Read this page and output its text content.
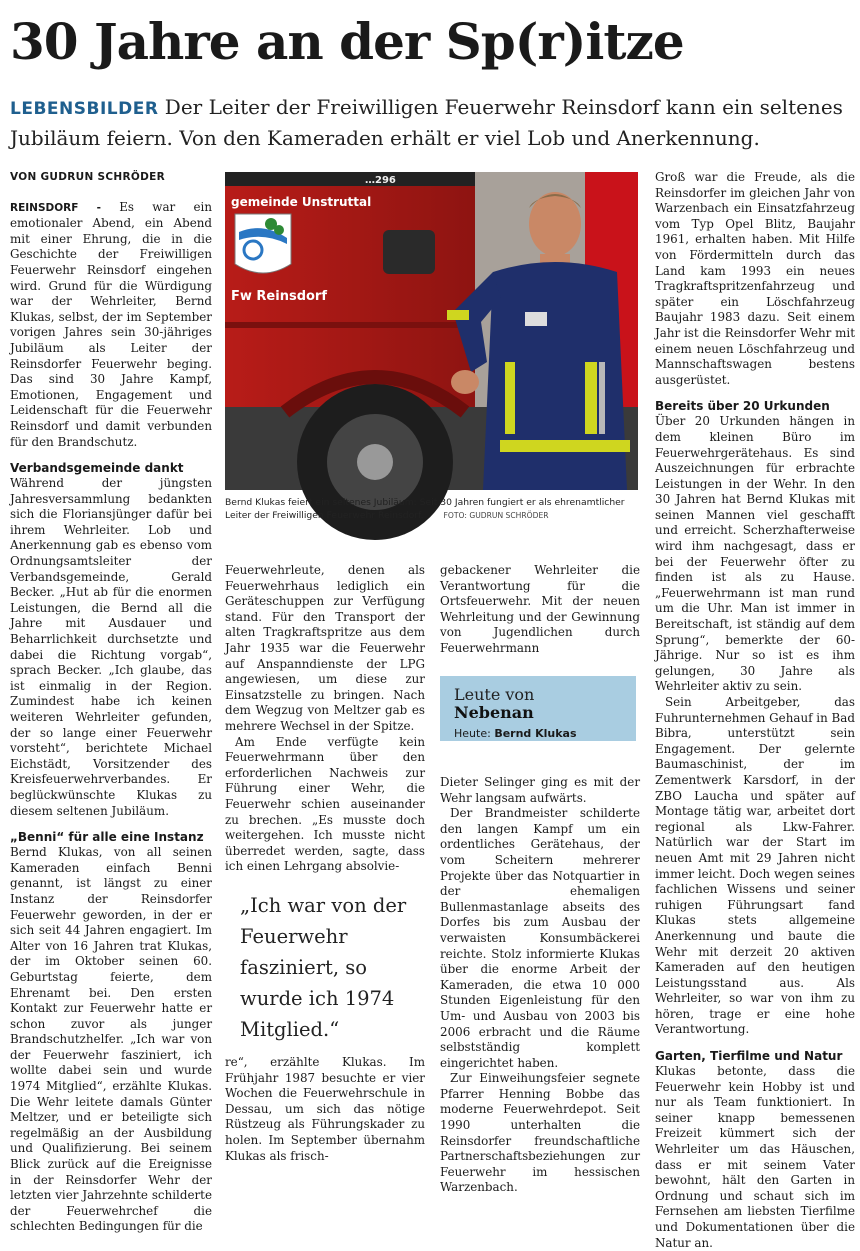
30 Jahre an der Sp(r)itze
LEBENSBILDER Der Leiter der Freiwilligen Feuerwehr Reinsdorf kann ein seltenes Jubiläum feiern. Von den Kameraden erhält er viel Lob und Anerkennung.
VON GUDRUN SCHRÖDER

REINSDORF - Es war ein emotionaler Abend, ein Abend mit einer Ehrung, die in die Geschichte der Freiwilligen Feuerwehr Reinsdorf eingehen wird. Grund für die Würdigung war der Wehrleiter, Bernd Klukas, selbst, der im September vorigen Jahres sein 30-jähriges Jubiläum als Leiter der Reinsdorfer Feuerwehr beging. Das sind 30 Jahre Kampf, Emotionen, Engagement und Leidenschaft für die Feuerwehr Reinsdorf und damit verbunden für den Brandschutz.

Verbandsgemeinde dankt

Während der jüngsten Jahresversammlung bedankten sich die Floriansjünger dafür bei ihrem Wehrleiter. Lob und Anerkennung gab es ebenso vom Ordnungsamtsleiter der Verbandsgemeinde, Gerald Becker. „Hut ab für die enormen Leistungen, die Bernd all die Jahre mit Ausdauer und Beharrlichkeit durchsetzte und dabei die Richtung vorgab“, sprach Becker. „Ich glaube, das ist einmalig in der Region. Zumindest habe ich keinen weiteren Wehrleiter gefunden, der so lange einer Feuerwehr vorsteht“, berichtete Michael Eichstädt, Vorsitzender des Kreisfeuerwehrverbandes. Er beglückwünschte Klukas zu diesem seltenen Jubiläum.

„Benni“ für alle eine Instanz

Bernd Klukas, von all seinen Kameraden einfach Benni genannt, ist längst zu einer Instanz der Reinsdorfer Feuerwehr geworden, in der er sich seit 44 Jahren engagiert. Im Alter von 16 Jahren trat Klukas, der im Oktober seinen 60. Geburtstag feierte, dem Ehrenamt bei. Den ersten Kontakt zur Feuerwehr hatte er schon zuvor als junger Brandschutzhelfer. „Ich war von der Feuerwehr fasziniert, ich wollte dabei sein und wurde 1974 Mitglied“, erzählte Klukas. Die Wehr leitete damals Günter Meltzer, und er beteiligte sich regelmäßig an der Ausbildung und Qualifizierung. Bei seinem Blick zurück auf die Ereignisse in der Reinsdorfer Wehr der letzten vier Jahrzehnte schilderte der Feuerwehrchef die schlechten Bedingungen für die

…296
gemeinde Unstruttal
Fw Reinsdorf
Bernd Klukas feiert ein seltenes Jubiläum: Seit 30 Jahren fungiert er als ehrenamtlicher Leiter der Freiwilligen Feuerwehr Reinsdorf.	FOTO: GUDRUN SCHRÖDER

Feuerwehrleute, denen als Feuerwehrhaus lediglich ein Geräteschuppen zur Verfügung stand. Für den Transport der alten Tragkraftspritze aus dem Jahr 1935 war die Feuerwehr auf Anspanndienste der LPG angewiesen, um diese zur Einsatzstelle zu bringen. Nach dem Wegzug von Meltzer gab es mehrere Wechsel in der Spitze.

Am Ende verfügte kein Feuerwehrmann über den erforderlichen Nachweis zur Führung einer Wehr, die Feuerwehr schien auseinander zu brechen. „Es musste doch weitergehen. Ich musste nicht überredet werden, sagte, dass ich einen Lehrgang absolvie-

„Ich war von der Feuerwehr fasziniert, so wurde ich 1974 Mitglied.“

re“, erzählte Klukas. Im Frühjahr 1987 besuchte er vier Wochen die Feuerwehrschule in Dessau, um sich das nötige Rüstzeug als Führungskader zu holen. Im September übernahm Klukas als frisch-

gebackener Wehrleiter die Verantwortung für die Ortsfeuerwehr. Mit der neuen Wehrleitung und der Gewinnung von Jugendlichen durch Feuerwehrmann

Leute von
Nebenan
Heute: Bernd Klukas

Dieter Selinger ging es mit der Wehr langsam aufwärts.

Der Brandmeister schilderte den langen Kampf um ein ordentliches Gerätehaus, der vom Scheitern mehrerer Projekte über das Notquartier in der ehemaligen Bullenmastanlage abseits des Dorfes bis zum Ausbau der verwaisten Konsumbäckerei reichte. Stolz informierte Klukas über die enorme Arbeit der Kameraden, die etwa 10 000 Stunden Eigenleistung für den Um- und Ausbau von 2003 bis 2006 erbracht und die Räume selbstständig komplett eingerichtet haben.

Zur Einweihungsfeier segnete Pfarrer Henning Bobbe das moderne Feuerwehrdepot. Seit 1990 unterhalten die Reinsdorfer freundschaftliche Partnerschaftsbeziehungen zur Feuerwehr im hessischen Warzenbach.

Groß war die Freude, als die Reinsdorfer im gleichen Jahr von Warzenbach ein Einsatzfahrzeug vom Typ Opel Blitz, Baujahr 1961, erhalten haben. Mit Hilfe von Fördermitteln durch das Land kam 1993 ein neues Tragkraftspritzenfahrzeug und später ein Löschfahrzeug Baujahr 1983 dazu. Seit einem Jahr ist die Reinsdorfer Wehr mit einem neuen Löschfahrzeug und Mannschaftswagen bestens ausgerüstet.

Bereits über 20 Urkunden

Über 20 Urkunden hängen in dem kleinen Büro im Feuerwehrgerätehaus. Es sind Auszeichnungen für erbrachte Leistungen in der Wehr. In den 30 Jahren hat Bernd Klukas mit seinen Mannen viel geschafft und erreicht. Scherzhafterweise wird ihm nachgesagt, dass er bei der Feuerwehr öfter zu finden ist als zu Hause. „Feuerwehrmann ist man rund um die Uhr. Man ist immer in Bereitschaft, ist ständig auf dem Sprung“, bemerkte der 60-Jährige. Nur so ist es ihm gelungen, 30 Jahre als Wehrleiter aktiv zu sein.

Sein Arbeitgeber, das Fuhrunternehmen Gehauf in Bad Bibra, unterstützt sein Engagement. Der gelernte Baumaschinist, der im Zementwerk Karsdorf, in der ZBO Laucha und später auf Montage tätig war, arbeitet dort regional als Lkw-Fahrer. Natürlich war der Start im neuen Amt mit 29 Jahren nicht immer leicht. Doch wegen seines fachlichen Wissens und seiner ruhigen Führungsart fand Klukas stets allgemeine Anerkennung und baute die Wehr mit derzeit 20 aktiven Kameraden auf den heutigen Leistungsstand aus. Als Wehrleiter, so war von ihm zu hören, trage er eine hohe Verantwortung.

Garten, Tierfilme und Natur

Klukas betonte, dass die Feuerwehr kein Hobby ist und nur als Team funktioniert. In seiner knapp bemessenen Freizeit kümmert sich der Wehrleiter um das Häuschen, dass er mit seinem Vater bewohnt, hält den Garten in Ordnung und schaut sich im Fernsehen am liebsten Tierfilme und Dokumentationen über die Natur an.
